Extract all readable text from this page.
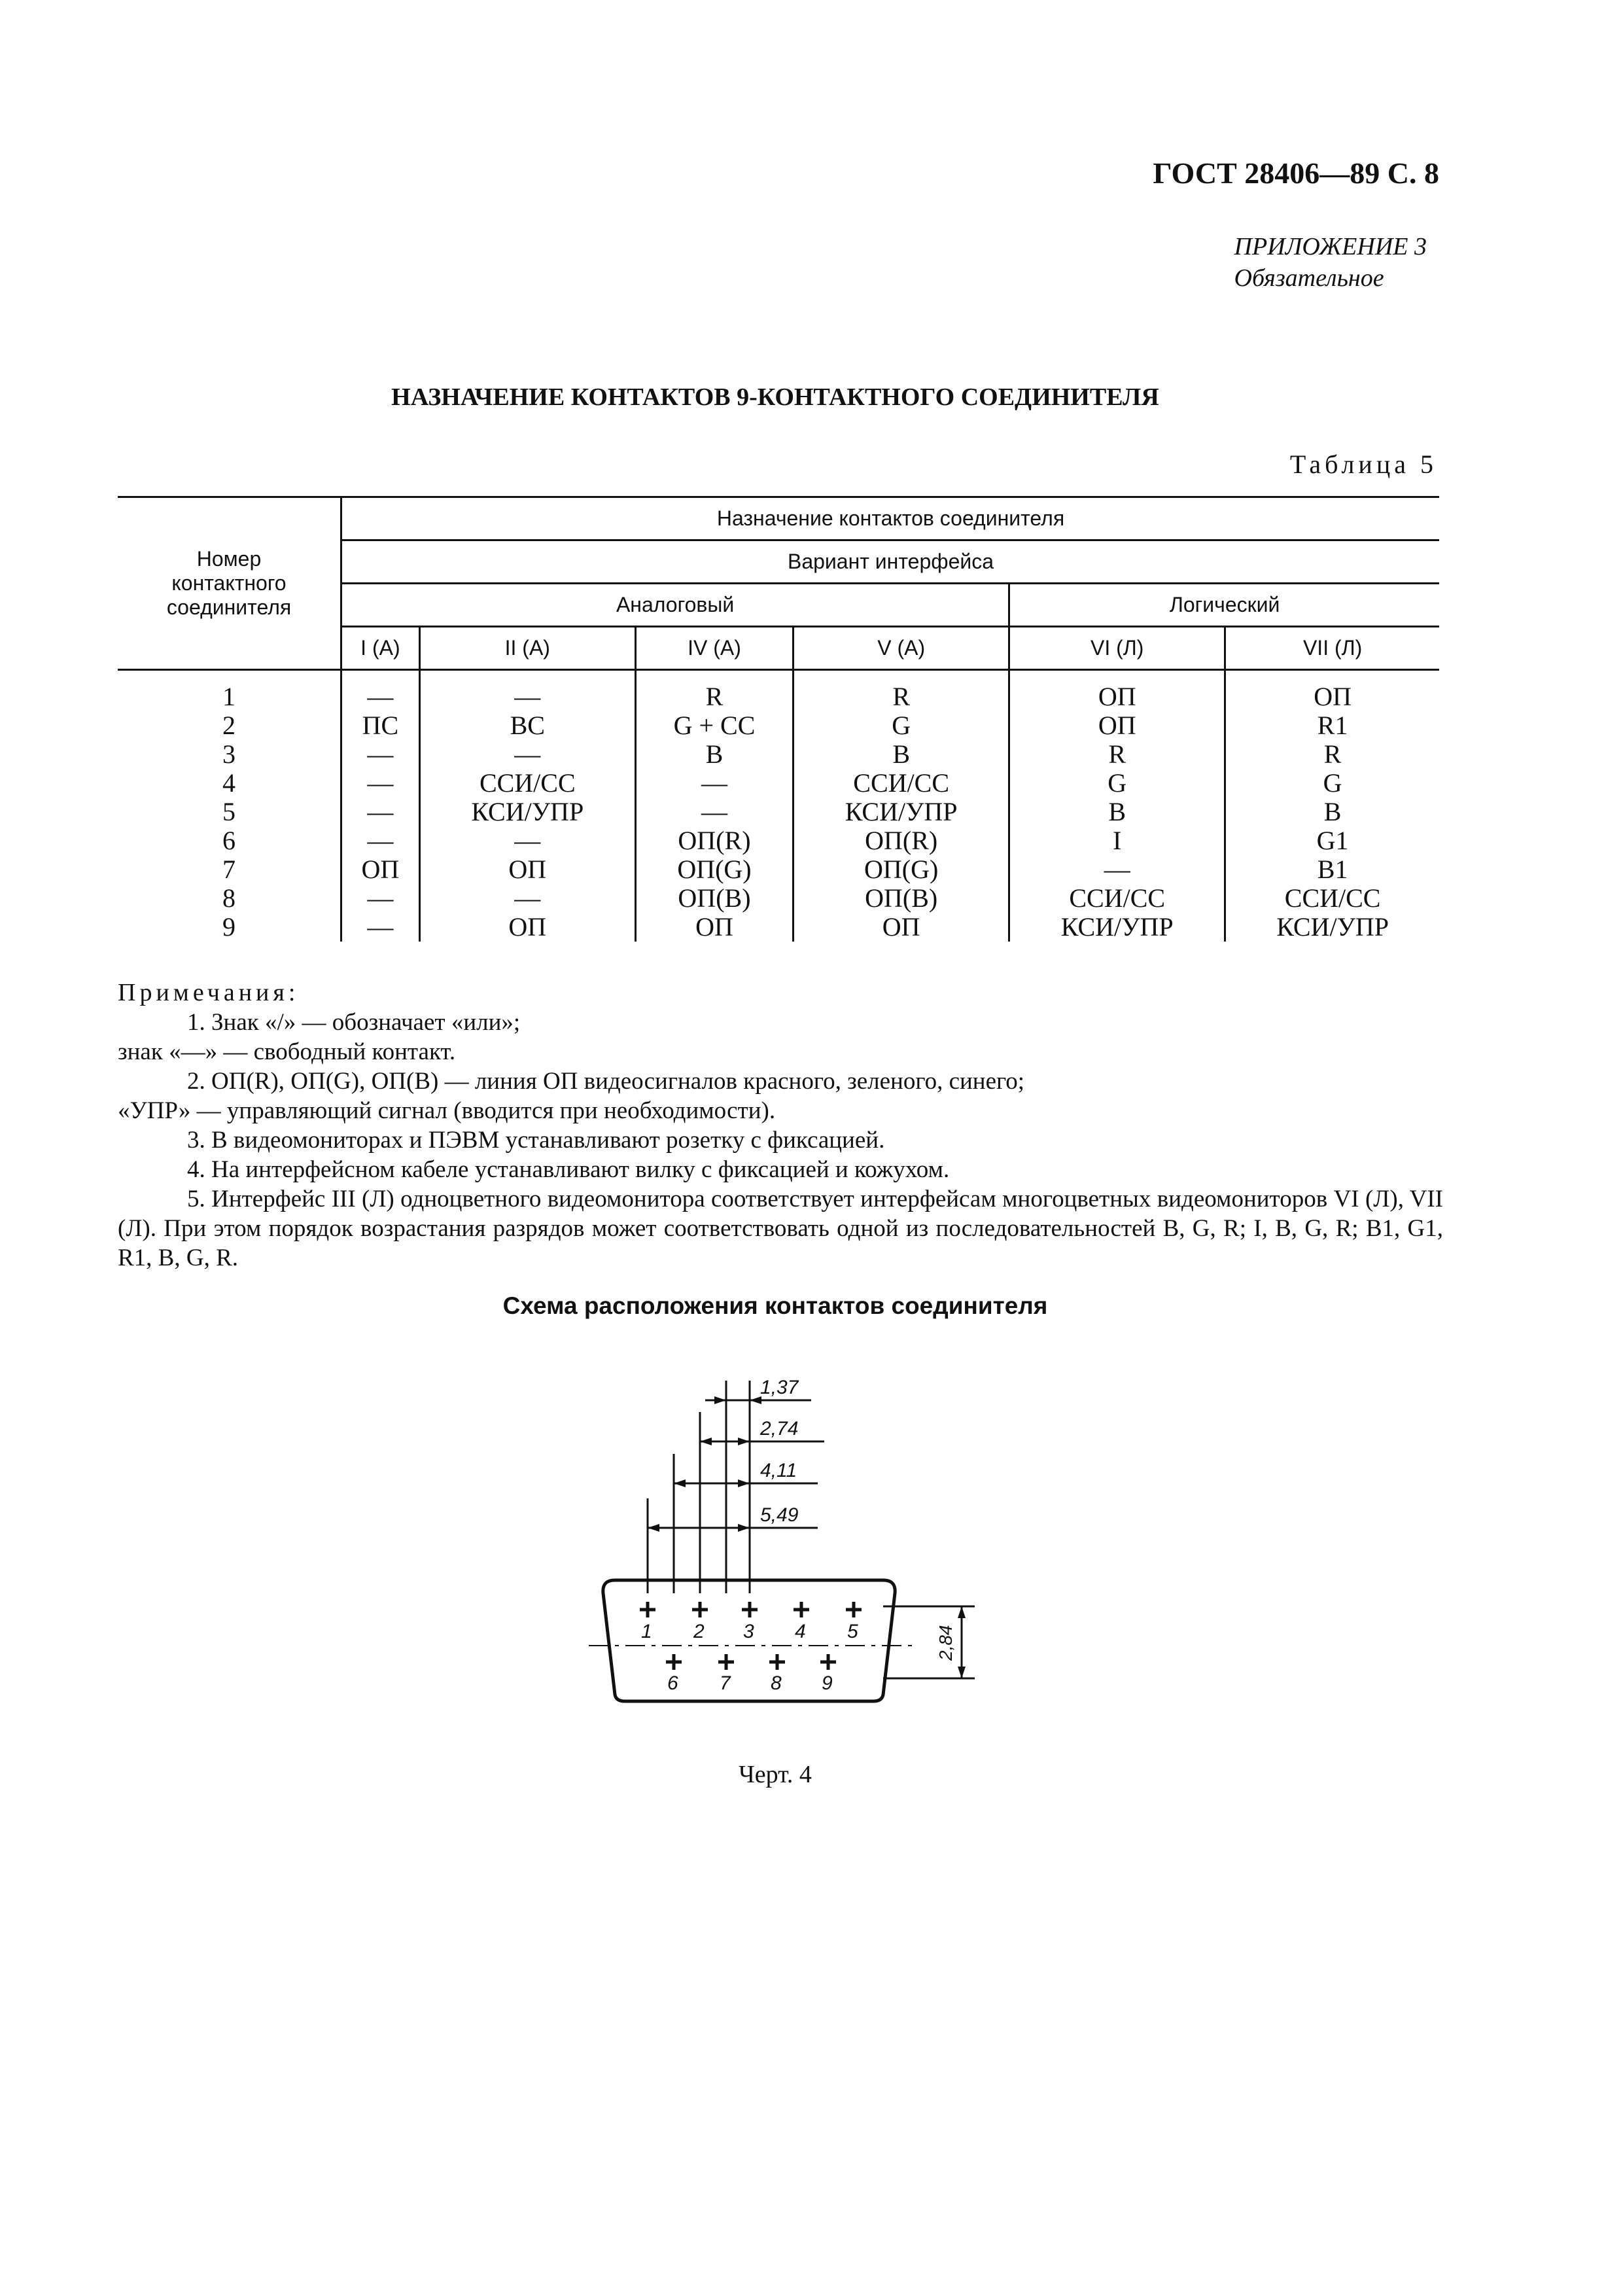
ГОСТ 28406—89 С. 8
ПРИЛОЖЕНИЕ 3
Обязательное
НАЗНАЧЕНИЕ КОНТАКТОВ 9-КОНТАКТНОГО СОЕДИНИТЕЛЯ
Таблица 5
Номер контактного соединителя	Назначение контактов соединителя					
	Вариант интерфейса					
	Аналоговый				Логический	
	I (А)	II (А)	IV (А)	V (А)	VI (Л)	VII (Л)
1	—	—	R	R	ОП	ОП
2	ПС	ВС	G + СС	G	ОП	R1
3	—	—	B	B	R	R
4	—	ССИ/СС	—	ССИ/СС	G	G
5	—	КСИ/УПР	—	КСИ/УПР	B	B
6	—	—	ОП(R)	ОП(R)	I	G1
7	ОП	ОП	ОП(G)	ОП(G)	—	B1
8	—	—	ОП(B)	ОП(B)	ССИ/СС	ССИ/СС
9	—	ОП	ОП	ОП	КСИ/УПР	КСИ/УПР
Примечания:
1. Знак «/» — обозначает «или»;
знак «—» — свободный контакт.
2. ОП(R), ОП(G), ОП(B) — линия ОП видеосигналов красного, зеленого, синего;
«УПР» — управляющий сигнал (вводится при необходимости).
3. В видеомониторах и ПЭВМ устанавливают розетку с фиксацией.
4. На интерфейсном кабеле устанавливают вилку с фиксацией и кожухом.
5. Интерфейс III (Л) одноцветного видеомонитора соответствует интерфейсам многоцветных видеомониторов VI (Л), VII (Л). При этом порядок возрастания разрядов может соответствовать одной из последовательностей B, G, R; I, B, G, R; B1, G1, R1, B, G, R.
Схема расположения контактов соединителя
1,37
2,74
4,11
5,49
2,84
1 2 3 4 5
6 7 8 9
Черт. 4
